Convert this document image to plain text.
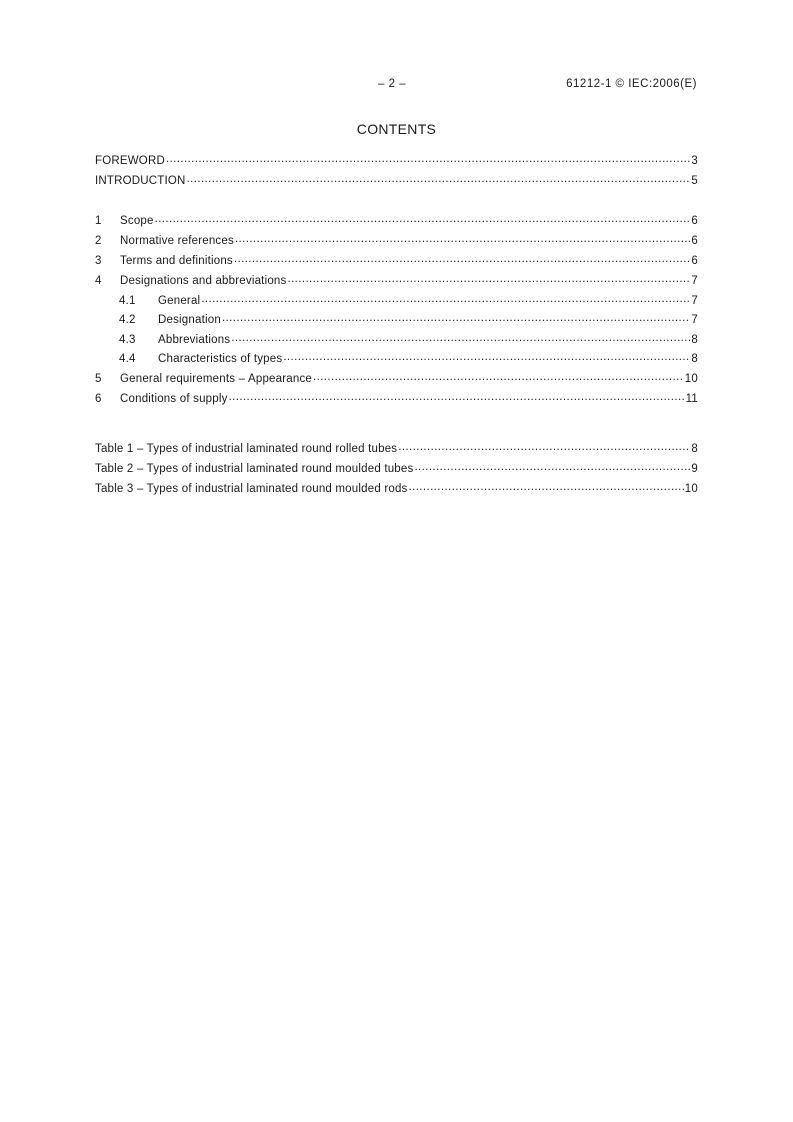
– 2 –	61212-1 © IEC:2006(E)
CONTENTS
FOREWORD .....	3
INTRODUCTION .....	5
1	Scope .....	6
2	Normative references .....	6
3	Terms and definitions .....	6
4	Designations and abbreviations .....	7
4.1	General .....	7
4.2	Designation .....	7
4.3	Abbreviations .....	8
4.4	Characteristics of types .....	8
5	General requirements – Appearance .....	10
6	Conditions of supply .....	11
Table 1 – Types of industrial laminated round rolled tubes .....	8
Table 2 – Types of industrial laminated round moulded tubes .....	9
Table 3 – Types of industrial laminated round moulded rods .....	10
